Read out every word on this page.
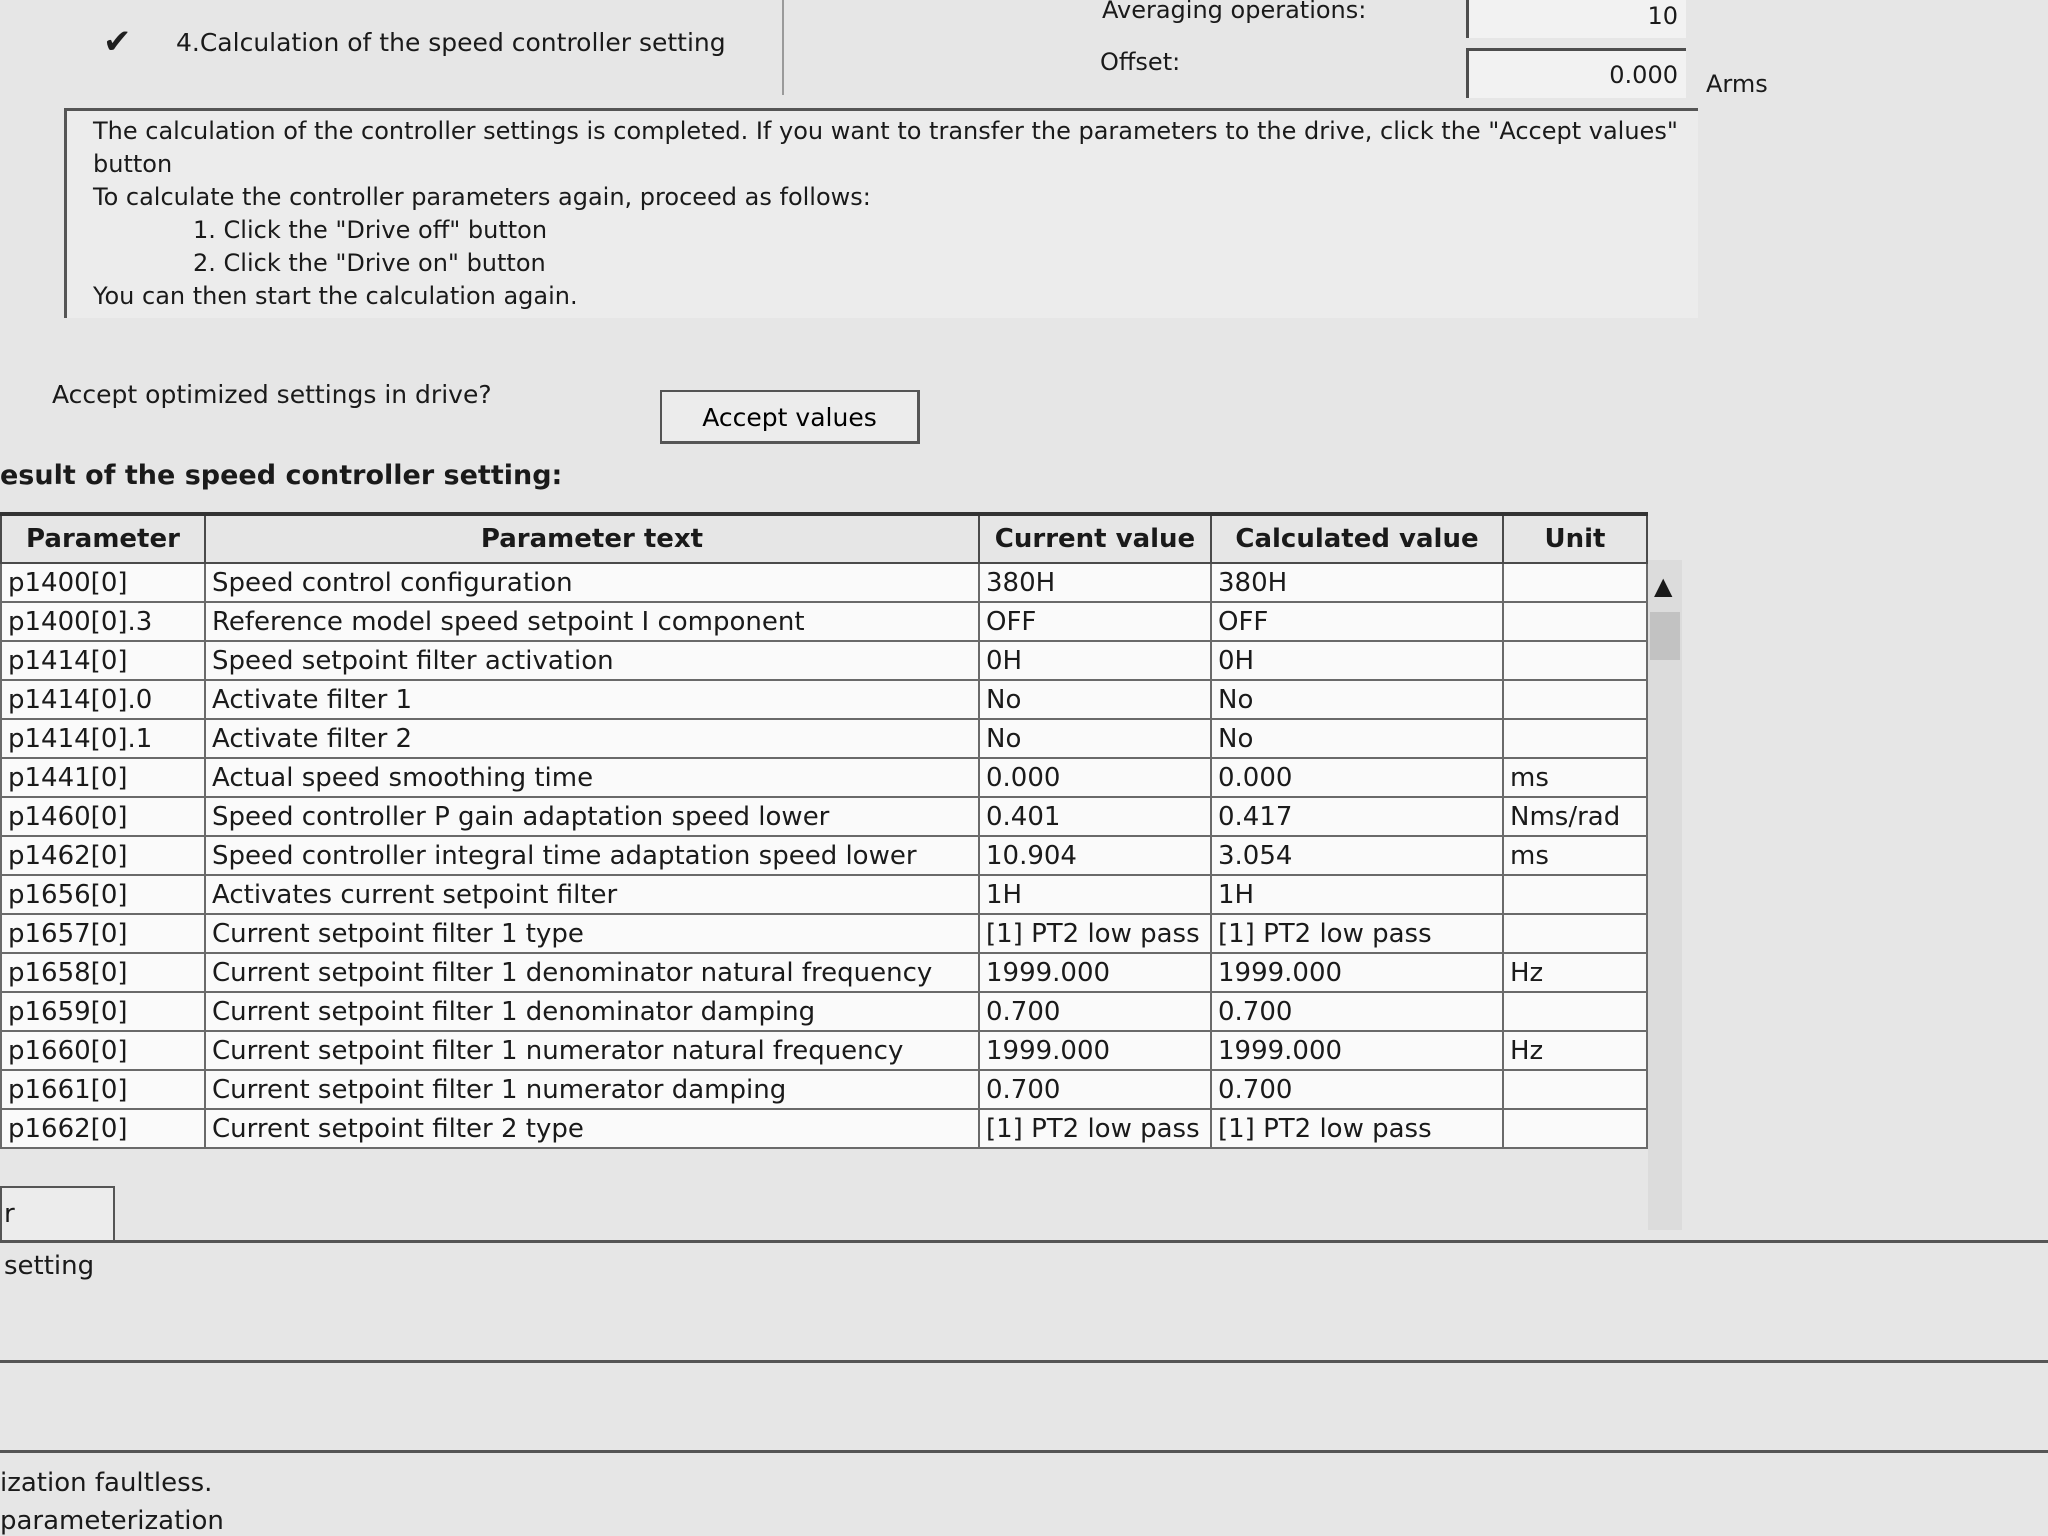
✔ 4.Calculation of the speed controller setting
Averaging operations:	10
Offset:	0.000	Arms
The calculation of the controller settings is completed. If you want to transfer the parameters to the drive, click the "Accept values" button
To calculate the controller parameters again, proceed as follows:
1. Click the "Drive off" button
2. Click the "Drive on" button
You can then start the calculation again.
Accept optimized settings in drive?
Accept values
esult of the speed controller setting:
Parameter	Parameter text	Current value	Calculated value	Unit
p1400[0]	Speed control configuration	380H	380H	
p1400[0].3	Reference model speed setpoint I component	OFF	OFF	
p1414[0]	Speed setpoint filter activation	0H	0H	
p1414[0].0	Activate filter 1	No	No	
p1414[0].1	Activate filter 2	No	No	
p1441[0]	Actual speed smoothing time	0.000	0.000	ms
p1460[0]	Speed controller P gain adaptation speed lower	0.401	0.417	Nms/rad
p1462[0]	Speed controller integral time adaptation speed lower	10.904	3.054	ms
p1656[0]	Activates current setpoint filter	1H	1H	
p1657[0]	Current setpoint filter 1 type	[1] PT2 low pass	[1] PT2 low pass	
p1658[0]	Current setpoint filter 1 denominator natural frequency	1999.000	1999.000	Hz
p1659[0]	Current setpoint filter 1 denominator damping	0.700	0.700	
p1660[0]	Current setpoint filter 1 numerator natural frequency	1999.000	1999.000	Hz
p1661[0]	Current setpoint filter 1 numerator damping	0.700	0.700	
p1662[0]	Current setpoint filter 2 type	[1] PT2 low pass	[1] PT2 low pass	
▲
r setting
ization faultless.
parameterization
